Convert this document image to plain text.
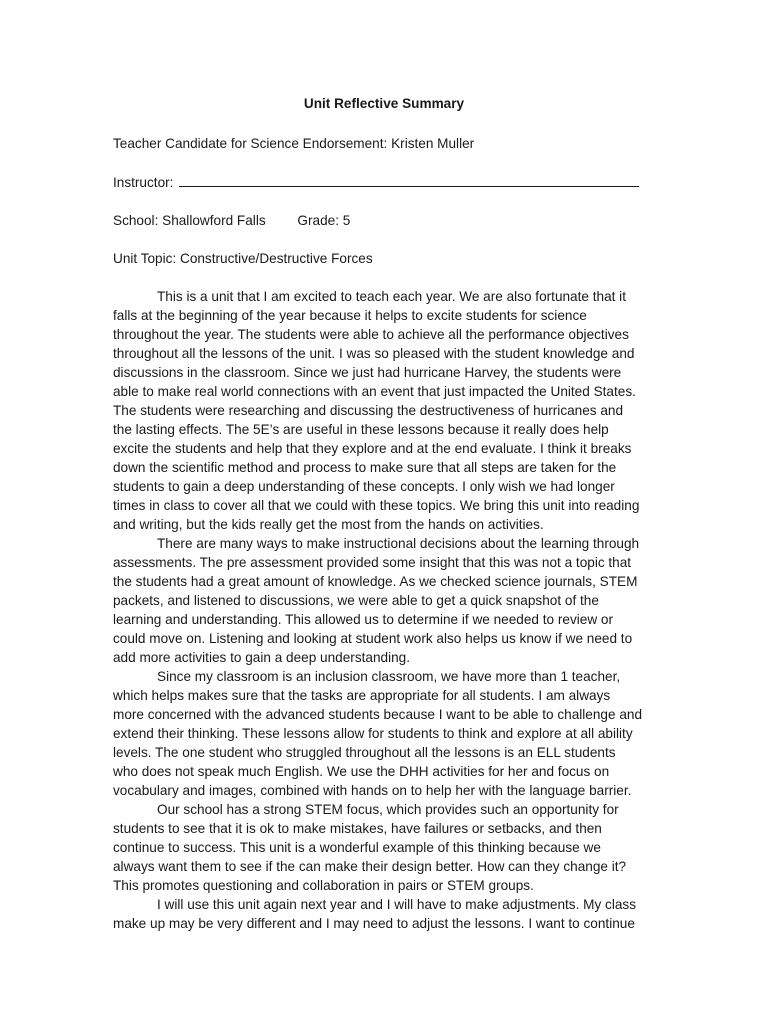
Unit Reflective Summary
Teacher Candidate for Science Endorsement: Kristen Muller
Instructor:
School: Shallowford Falls Grade: 5
Unit Topic: Constructive/Destructive Forces

This is a unit that I am excited to teach each year. We are also fortunate that it falls at the beginning of the year because it helps to excite students for science throughout the year. The students were able to achieve all the performance objectives throughout all the lessons of the unit. I was so pleased with the student knowledge and discussions in the classroom. Since we just had hurricane Harvey, the students were able to make real world connections with an event that just impacted the United States. The students were researching and discussing the destructiveness of hurricanes and the lasting effects. The 5E’s are useful in these lessons because it really does help excite the students and help that they explore and at the end evaluate. I think it breaks down the scientific method and process to make sure that all steps are taken for the students to gain a deep understanding of these concepts. I only wish we had longer times in class to cover all that we could with these topics. We bring this unit into reading and writing, but the kids really get the most from the hands on activities.

There are many ways to make instructional decisions about the learning through assessments. The pre assessment provided some insight that this was not a topic that the students had a great amount of knowledge. As we checked science journals, STEM packets, and listened to discussions, we were able to get a quick snapshot of the learning and understanding. This allowed us to determine if we needed to review or could move on. Listening and looking at student work also helps us know if we need to add more activities to gain a deep understanding.

Since my classroom is an inclusion classroom, we have more than 1 teacher, which helps makes sure that the tasks are appropriate for all students. I am always more concerned with the advanced students because I want to be able to challenge and extend their thinking. These lessons allow for students to think and explore at all ability levels. The one student who struggled throughout all the lessons is an ELL students who does not speak much English. We use the DHH activities for her and focus on vocabulary and images, combined with hands on to help her with the language barrier.

Our school has a strong STEM focus, which provides such an opportunity for students to see that it is ok to make mistakes, have failures or setbacks, and then continue to success. This unit is a wonderful example of this thinking because we always want them to see if the can make their design better. How can they change it? This promotes questioning and collaboration in pairs or STEM groups.

I will use this unit again next year and I will have to make adjustments. My class make up may be very different and I may need to adjust the lessons. I want to continue
